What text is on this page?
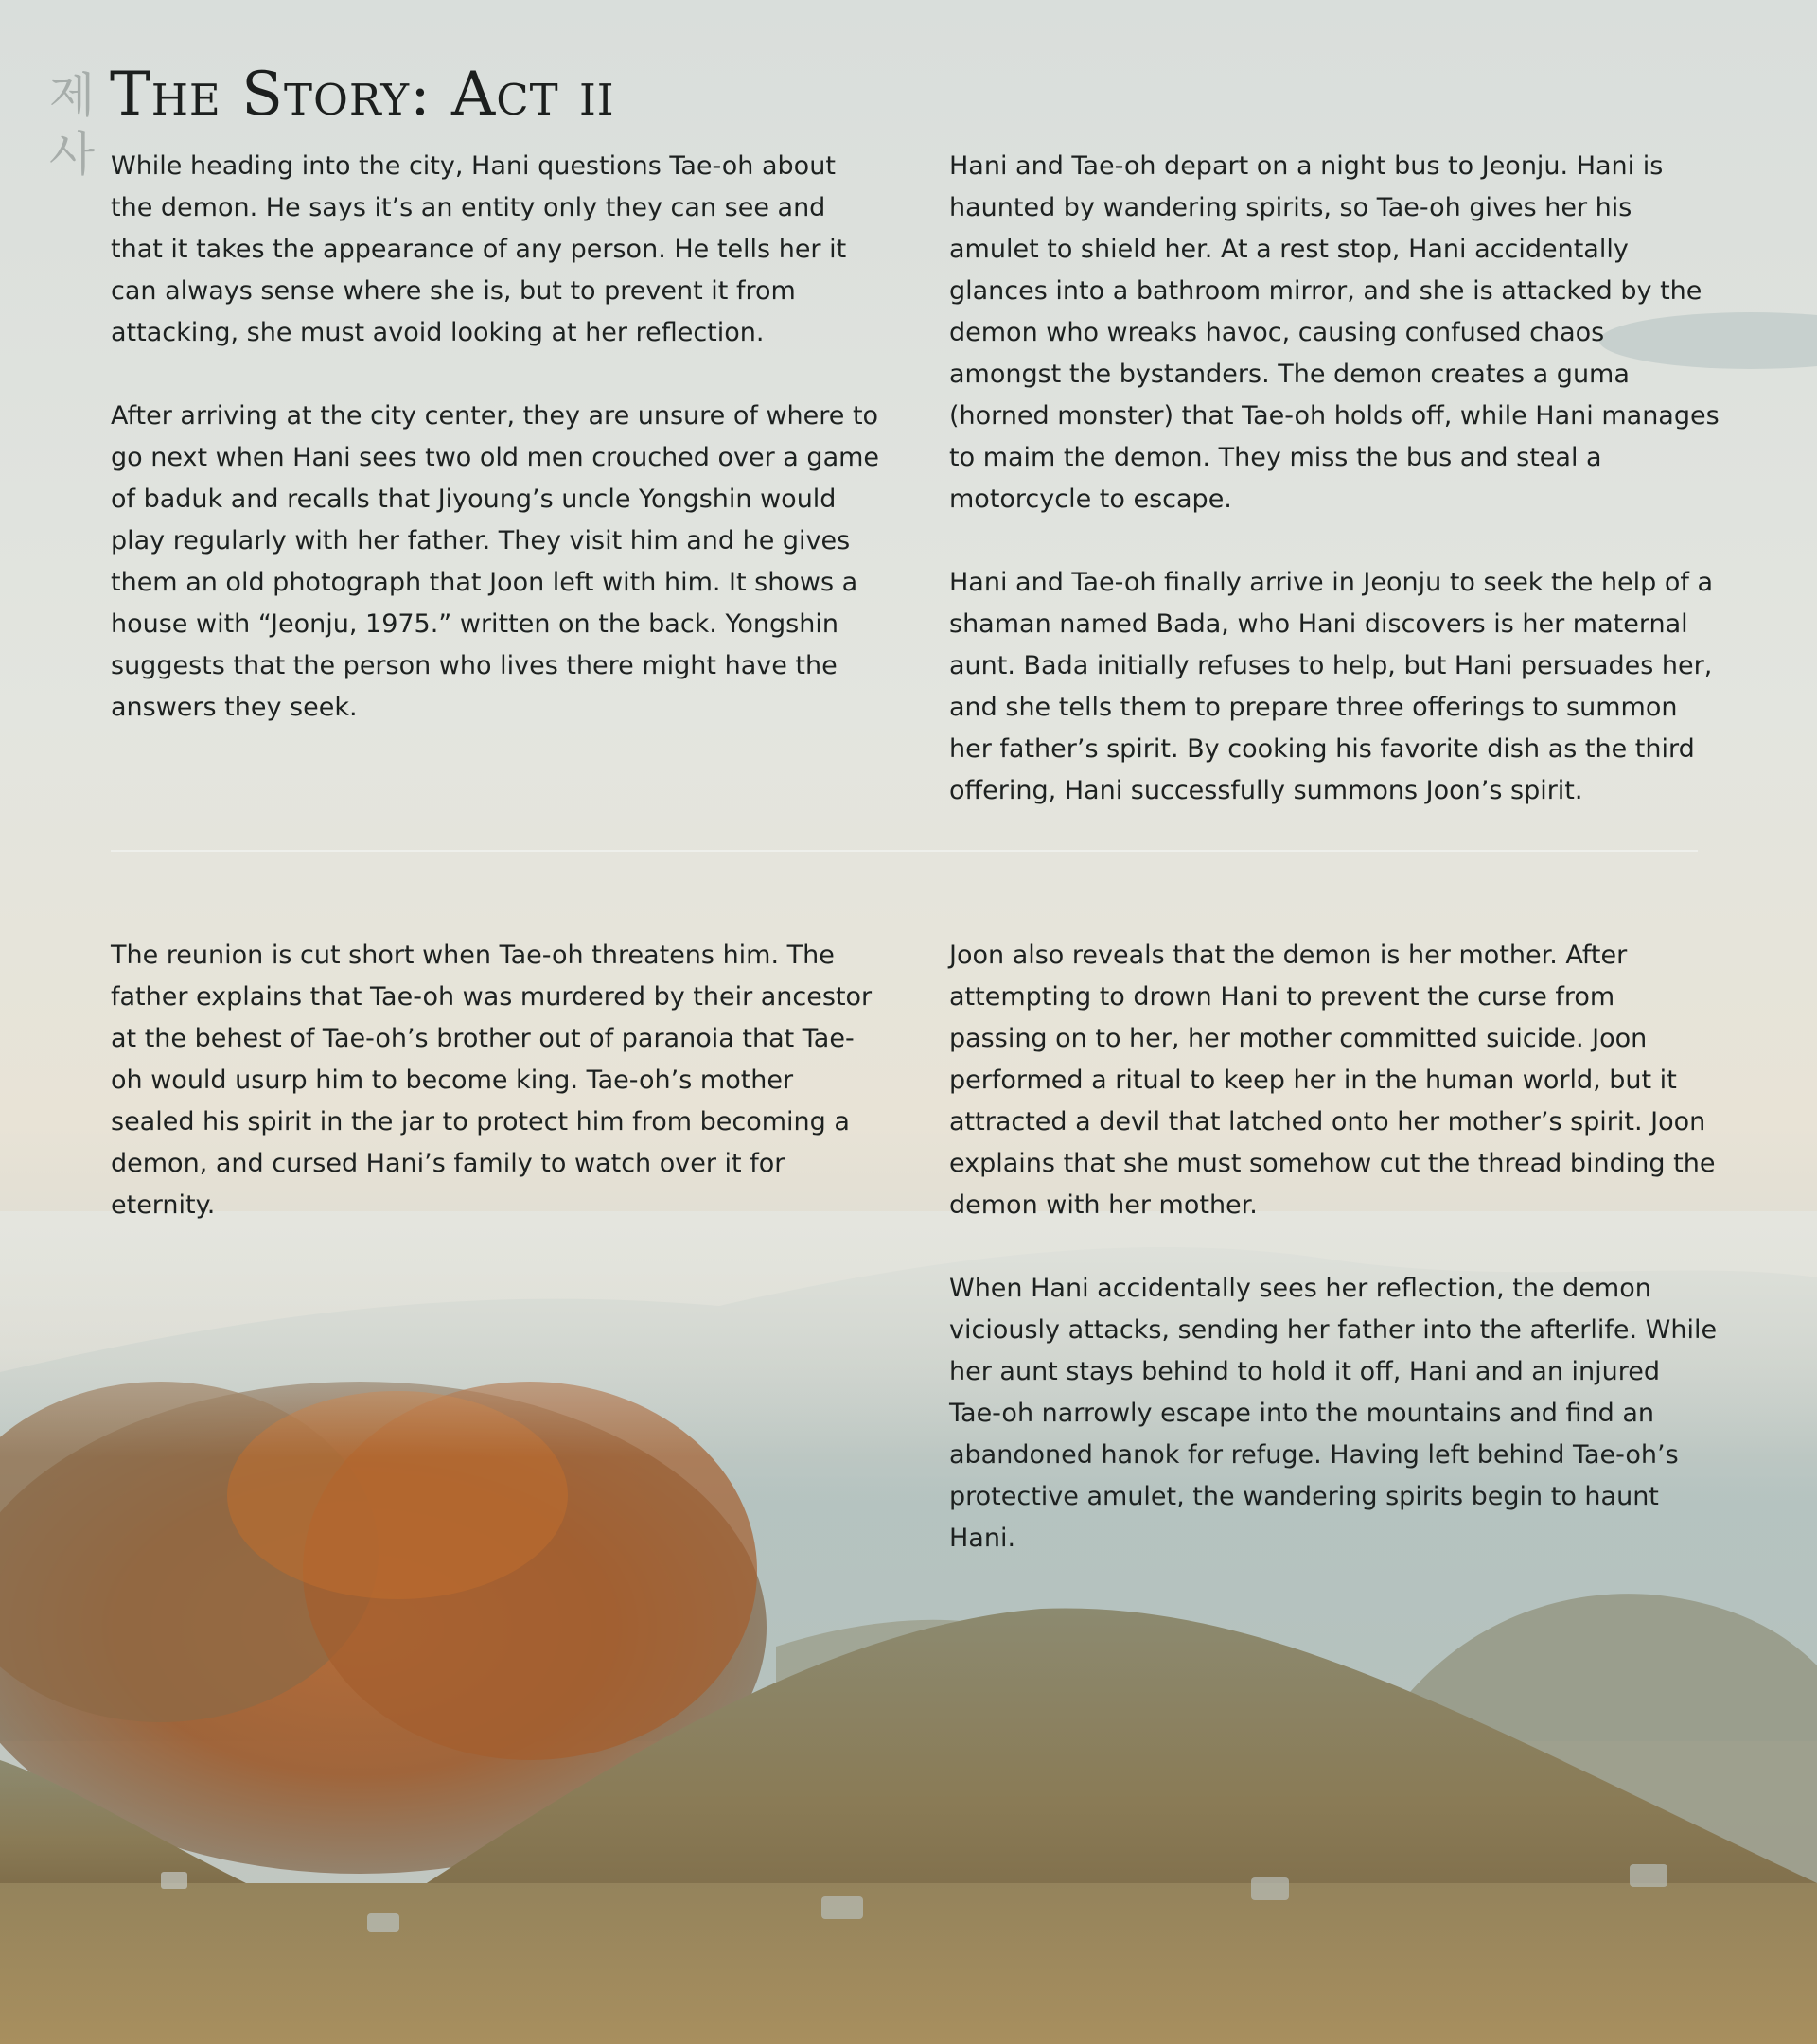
제
사
The Story: Act ii

While heading into the city, Hani questions Tae-oh about the demon. He says it’s an entity only they can see and that it takes the appearance of any person. He tells her it can always sense where she is, but to prevent it from attacking, she must avoid looking at her reflection.

After arriving at the city center, they are unsure of where to go next when Hani sees two old men crouched over a game of baduk and recalls that Jiyoung’s uncle Yongshin would play regularly with her father. They visit him and he gives them an old photograph that Joon left with him. It shows a house with “Jeonju, 1975.” written on the back. Yongshin suggests that the person who lives there might have the answers they seek.

Hani and Tae-oh depart on a night bus to Jeonju. Hani is haunted by wandering spirits, so Tae-oh gives her his amulet to shield her. At a rest stop, Hani accidentally glances into a bathroom mirror, and she is attacked by the demon who wreaks havoc, causing confused chaos amongst the bystanders. The demon creates a guma (horned monster) that Tae-oh holds off, while Hani manages to maim the demon. They miss the bus and steal a motorcycle to escape.

Hani and Tae-oh finally arrive in Jeonju to seek the help of a shaman named Bada, who Hani discovers is her maternal aunt. Bada initially refuses to help, but Hani persuades her, and she tells them to prepare three offerings to summon her father’s spirit. By cooking his favorite dish as the third offering, Hani successfully summons Joon’s spirit.

The reunion is cut short when Tae-oh threatens him. The father explains that Tae-oh was murdered by their ancestor at the behest of Tae-oh’s brother out of paranoia that Tae-oh would usurp him to become king. Tae-oh’s mother sealed his spirit in the jar to protect him from becoming a demon, and cursed Hani’s family to watch over it for eternity.

Joon also reveals that the demon is her mother. After attempting to drown Hani to prevent the curse from passing on to her, her mother committed suicide. Joon performed a ritual to keep her in the human world, but it attracted a devil that latched onto her mother’s spirit. Joon explains that she must somehow cut the thread binding the demon with her mother.

When Hani accidentally sees her reflection, the demon viciously attacks, sending her father into the afterlife. While her aunt stays behind to hold it off, Hani and an injured Tae-oh narrowly escape into the mountains and find an abandoned hanok for refuge. Having left behind Tae-oh’s protective amulet, the wandering spirits begin to haunt Hani.
